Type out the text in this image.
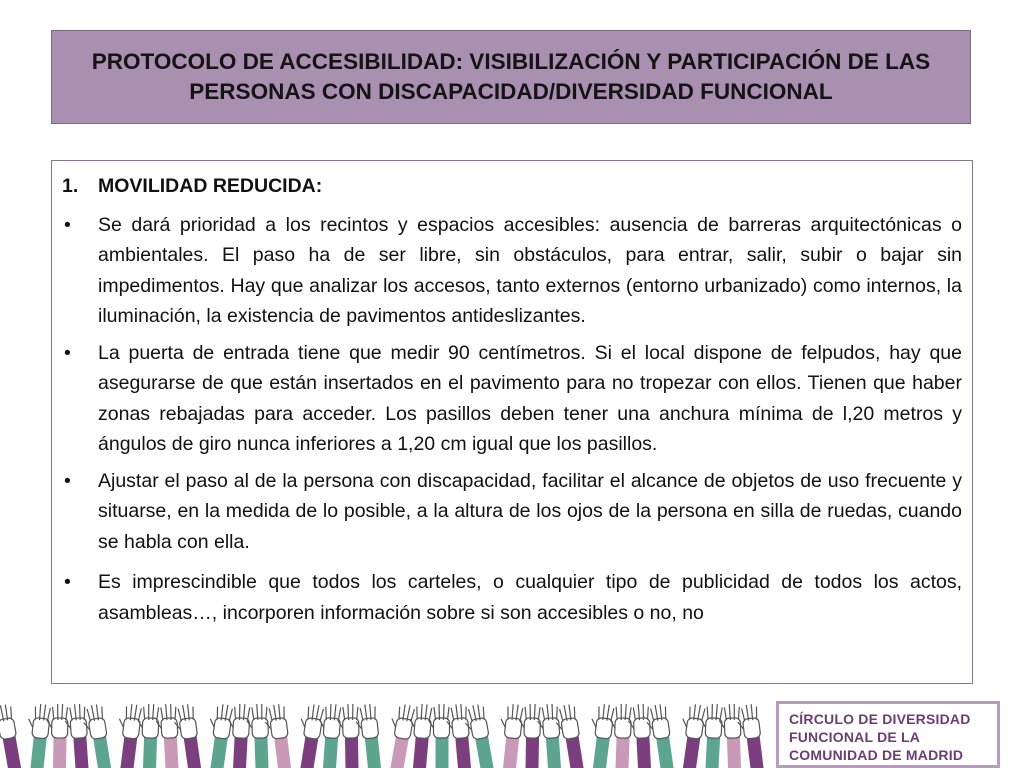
PROTOCOLO DE ACCESIBILIDAD: VISIBILIZACIÓN Y PARTICIPACIÓN DE LAS
PERSONAS CON DISCAPACIDAD/DIVERSIDAD FUNCIONAL
1.	MOVILIDAD REDUCIDA:
•	Se dará prioridad a los recintos y espacios accesibles: ausencia de barreras arquitectónicas o ambientales. El paso ha de ser libre, sin obstáculos, para entrar, salir, subir o bajar sin impedimentos. Hay que analizar los accesos, tanto externos (entorno urbanizado) como internos, la iluminación, la existencia de pavimentos antideslizantes.
•	La puerta de entrada tiene que medir 90 centímetros. Si el local dispone de felpudos, hay que asegurarse de que están insertados en el pavimento para no tropezar con ellos. Tienen que haber zonas rebajadas para acceder. Los pasillos deben tener una anchura mínima de l,20 metros y ángulos de giro nunca inferiores a 1,20 cm igual que los pasillos.
•	Ajustar el paso al de la persona con discapacidad, facilitar el alcance de objetos de uso frecuente y situarse, en la medida de lo posible, a la altura de los ojos de la persona en silla de ruedas, cuando se habla con ella.
•	Es imprescindible que todos los carteles, o cualquier tipo de publicidad de todos los actos, asambleas…, incorporen información sobre si son accesibles o no, no
CÍRCULO DE DIVERSIDAD
FUNCIONAL DE LA
COMUNIDAD DE MADRID
